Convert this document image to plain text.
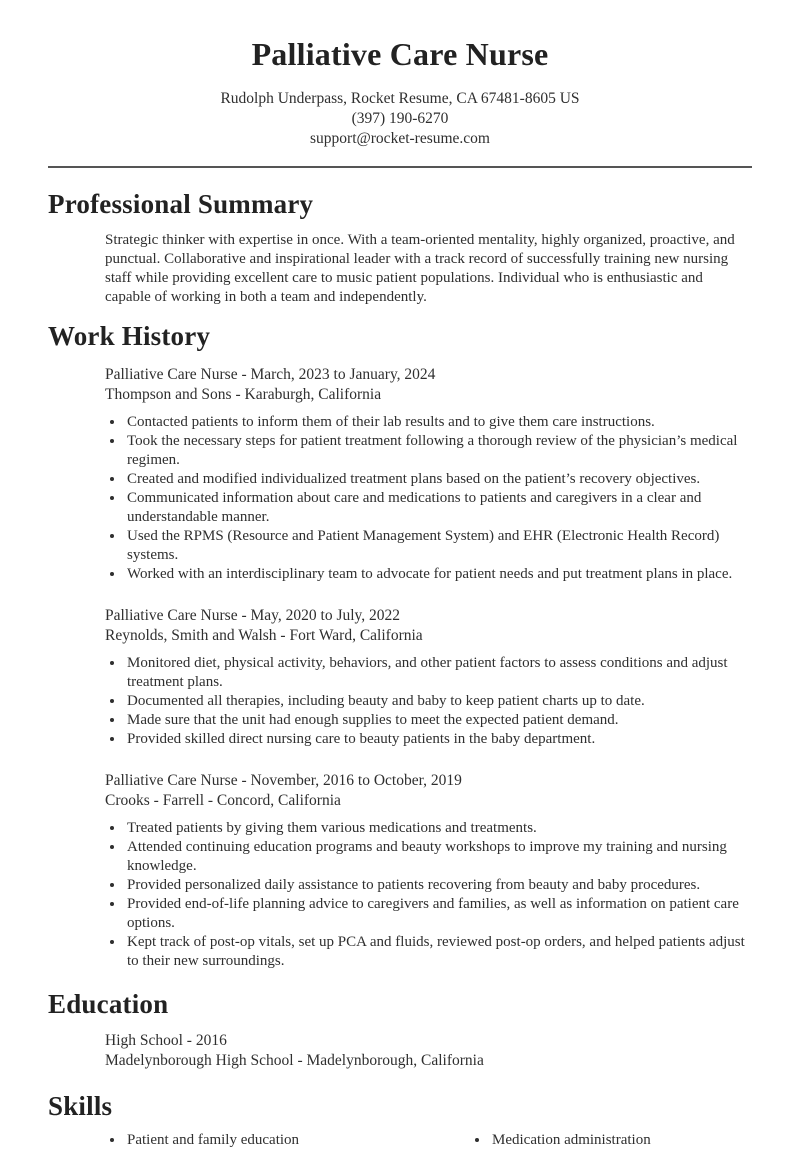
Palliative Care Nurse
Rudolph Underpass, Rocket Resume, CA 67481-8605 US
(397) 190-6270
support@rocket-resume.com
Professional Summary

Strategic thinker with expertise in once. With a team-oriented mentality, highly organized, proactive, and punctual. Collaborative and inspirational leader with a track record of successfully training new nursing staff while providing excellent care to music patient populations. Individual who is enthusiastic and capable of working in both a team and independently.

Work History
Palliative Care Nurse - March, 2023 to January, 2024
Thompson and Sons - Karaburgh, California
• Contacted patients to inform them of their lab results and to give them care instructions.
• Took the necessary steps for patient treatment following a thorough review of the physician’s medical regimen.
• Created and modified individualized treatment plans based on the patient’s recovery objectives.
• Communicated information about care and medications to patients and caregivers in a clear and understandable manner.
• Used the RPMS (Resource and Patient Management System) and EHR (Electronic Health Record) systems.
• Worked with an interdisciplinary team to advocate for patient needs and put treatment plans in place.
Palliative Care Nurse - May, 2020 to July, 2022
Reynolds, Smith and Walsh - Fort Ward, California
• Monitored diet, physical activity, behaviors, and other patient factors to assess conditions and adjust treatment plans.
• Documented all therapies, including beauty and baby to keep patient charts up to date.
• Made sure that the unit had enough supplies to meet the expected patient demand.
• Provided skilled direct nursing care to beauty patients in the baby department.
Palliative Care Nurse - November, 2016 to October, 2019
Crooks - Farrell - Concord, California
• Treated patients by giving them various medications and treatments.
• Attended continuing education programs and beauty workshops to improve my training and nursing knowledge.
• Provided personalized daily assistance to patients recovering from beauty and baby procedures.
• Provided end-of-life planning advice to caregivers and families, as well as information on patient care options.
• Kept track of post-op vitals, set up PCA and fluids, reviewed post-op orders, and helped patients adjust to their new surroundings.
Education
High School - 2016
Madelynborough High School - Madelynborough, California
Skills
• Patient and family education	• Medication administration
